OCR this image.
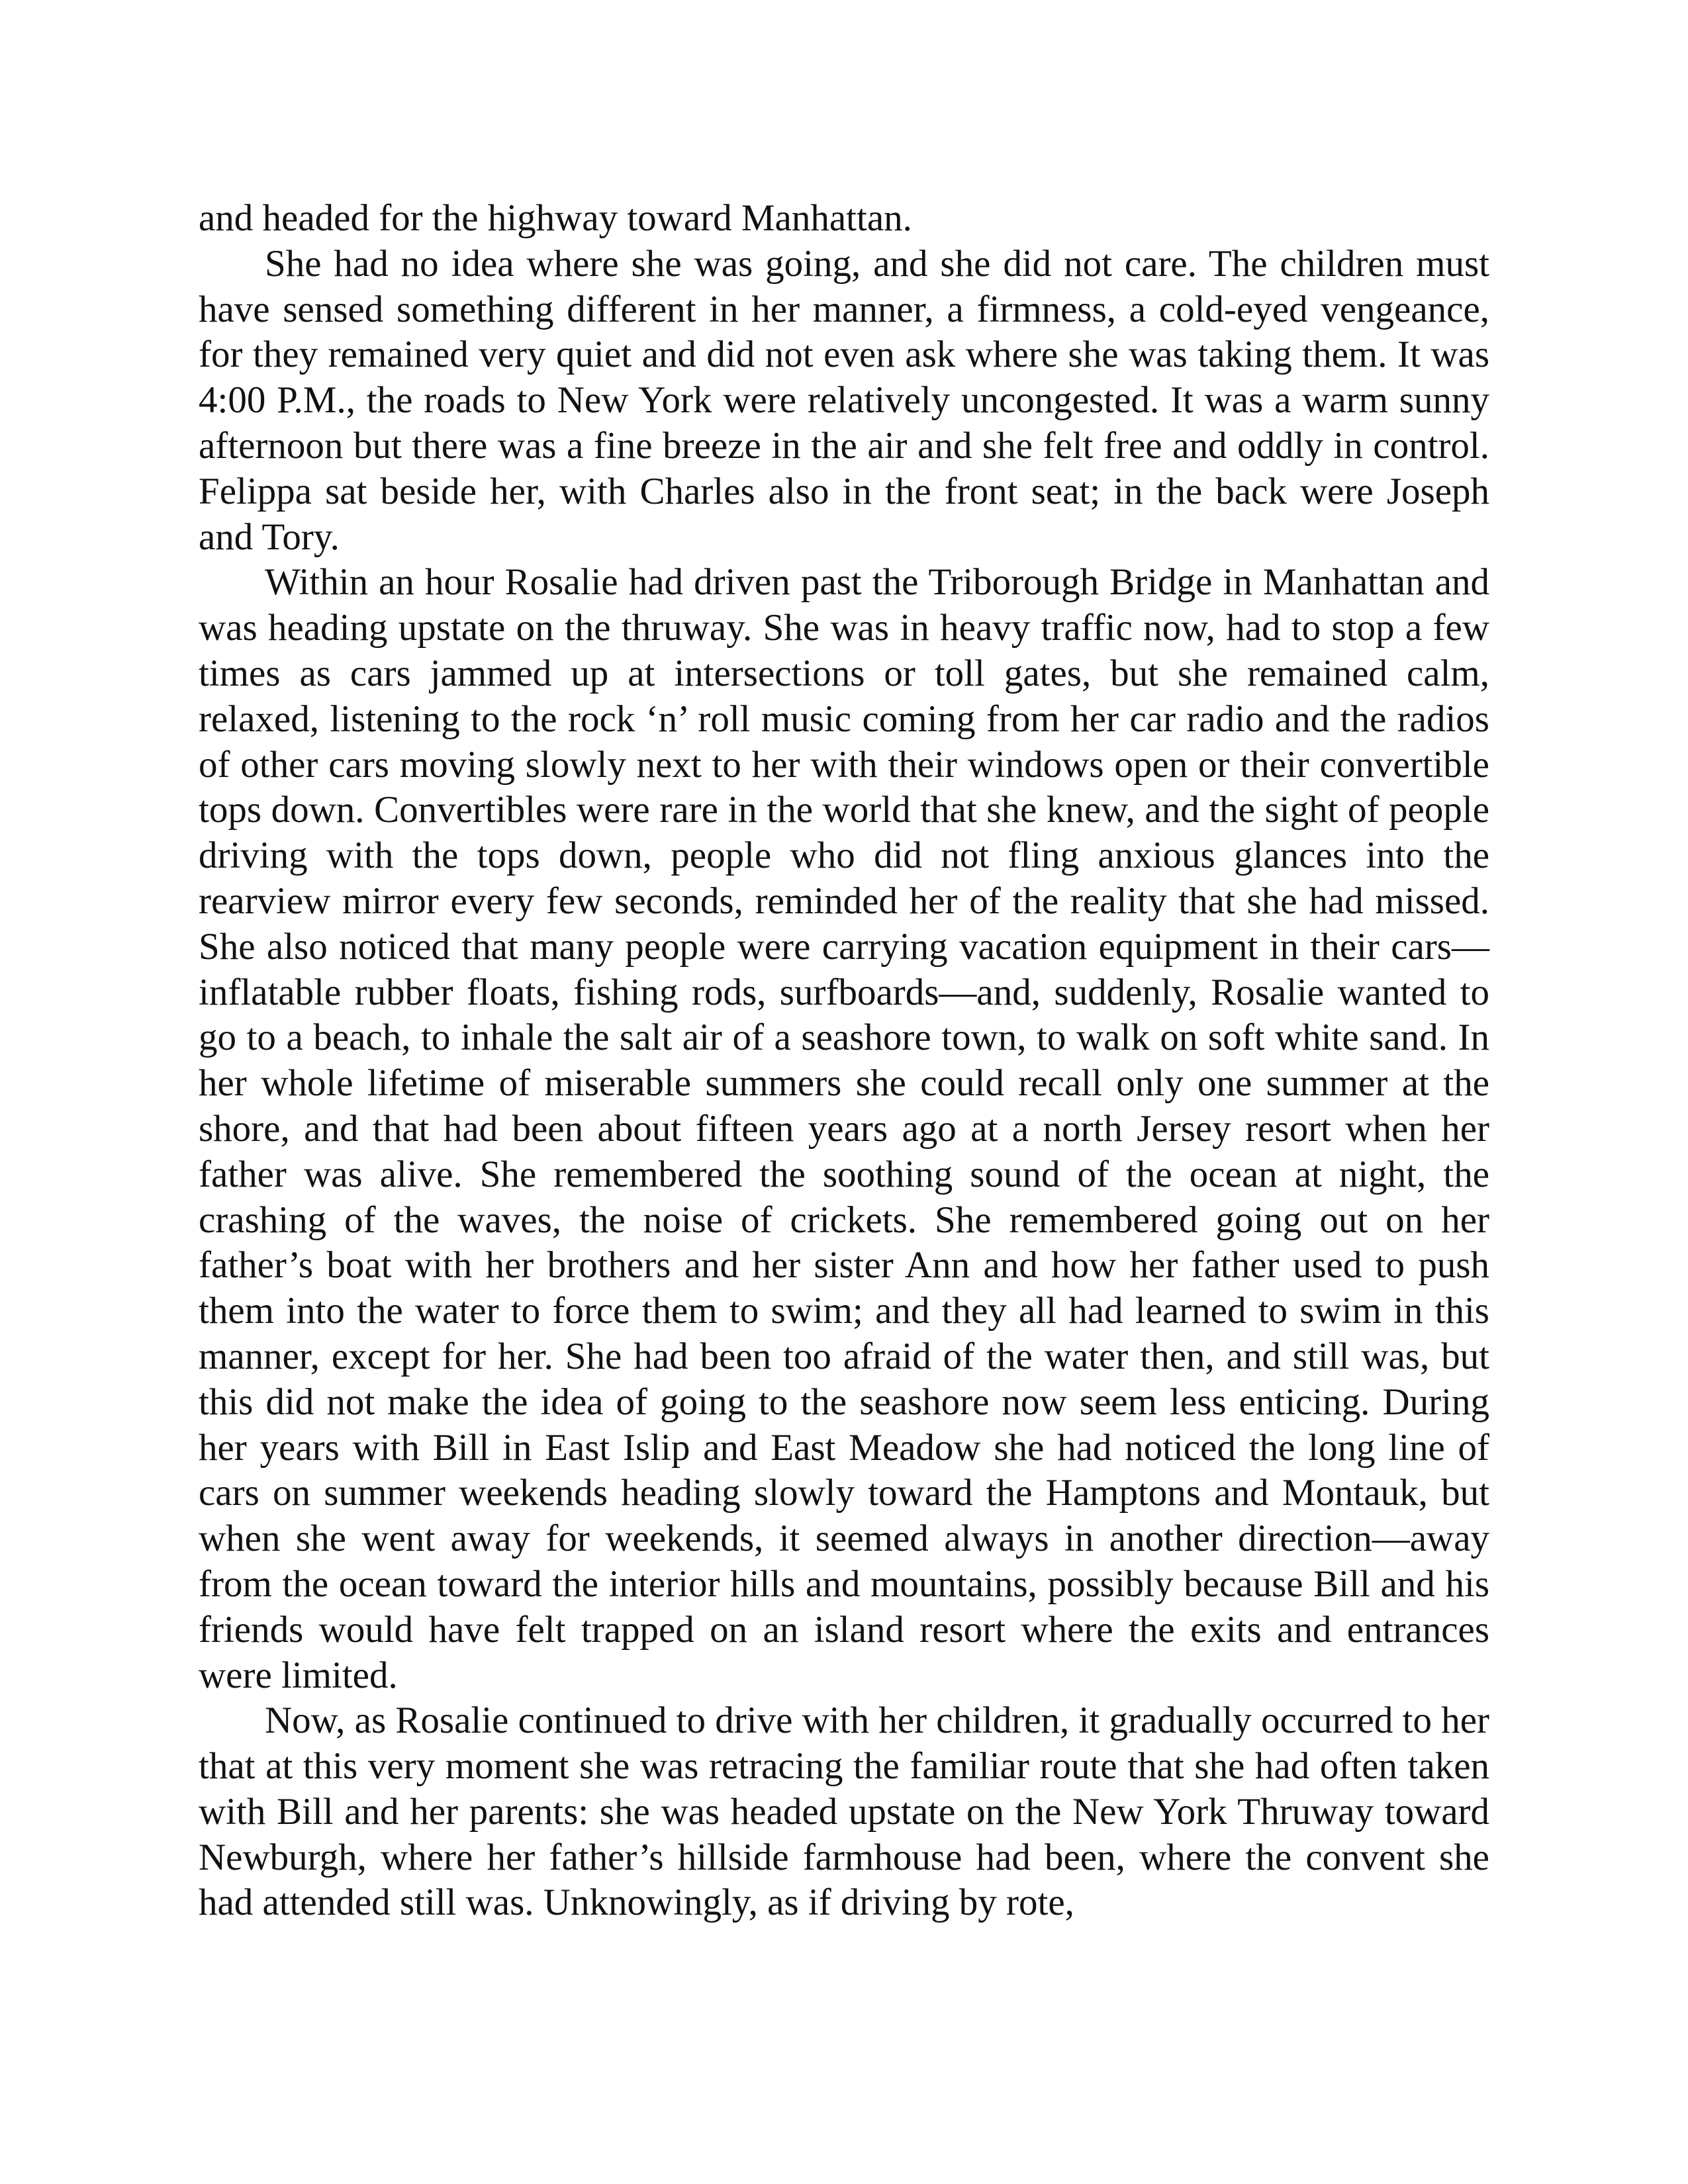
and headed for the highway toward Manhattan.

She had no idea where she was going, and she did not care. The children must have sensed something different in her manner, a firmness, a cold-eyed vengeance, for they remained very quiet and did not even ask where she was taking them. It was 4:00 P.M., the roads to New York were relatively uncongested. It was a warm sunny afternoon but there was a fine breeze in the air and she felt free and oddly in control. Felippa sat beside her, with Charles also in the front seat; in the back were Joseph and Tory.

Within an hour Rosalie had driven past the Triborough Bridge in Manhattan and was heading upstate on the thruway. She was in heavy traffic now, had to stop a few times as cars jammed up at intersections or toll gates, but she remained calm, relaxed, listening to the rock ‘n’ roll music coming from her car radio and the radios of other cars moving slowly next to her with their windows open or their convertible tops down. Convertibles were rare in the world that she knew, and the sight of people driving with the tops down, people who did not fling anxious glances into the rearview mirror every few seconds, reminded her of the reality that she had missed. She also noticed that many people were carrying vacation equipment in their cars—inflatable rubber floats, fishing rods, surfboards—and, suddenly, Rosalie wanted to go to a beach, to inhale the salt air of a seashore town, to walk on soft white sand. In her whole lifetime of miserable summers she could recall only one summer at the shore, and that had been about fifteen years ago at a north Jersey resort when her father was alive. She remembered the soothing sound of the ocean at night, the crashing of the waves, the noise of crickets. She remembered going out on her father’s boat with her brothers and her sister Ann and how her father used to push them into the water to force them to swim; and they all had learned to swim in this manner, except for her. She had been too afraid of the water then, and still was, but this did not make the idea of going to the seashore now seem less enticing. During her years with Bill in East Islip and East Meadow she had noticed the long line of cars on summer weekends heading slowly toward the Hamptons and Montauk, but when she went away for weekends, it seemed always in another direction—away from the ocean toward the interior hills and mountains, possibly because Bill and his friends would have felt trapped on an island resort where the exits and entrances were limited.

Now, as Rosalie continued to drive with her children, it gradually occurred to her that at this very moment she was retracing the familiar route that she had often taken with Bill and her parents: she was headed upstate on the New York Thruway toward Newburgh, where her father’s hillside farmhouse had been, where the convent she had attended still was. Unknowingly, as if driving by rote,
